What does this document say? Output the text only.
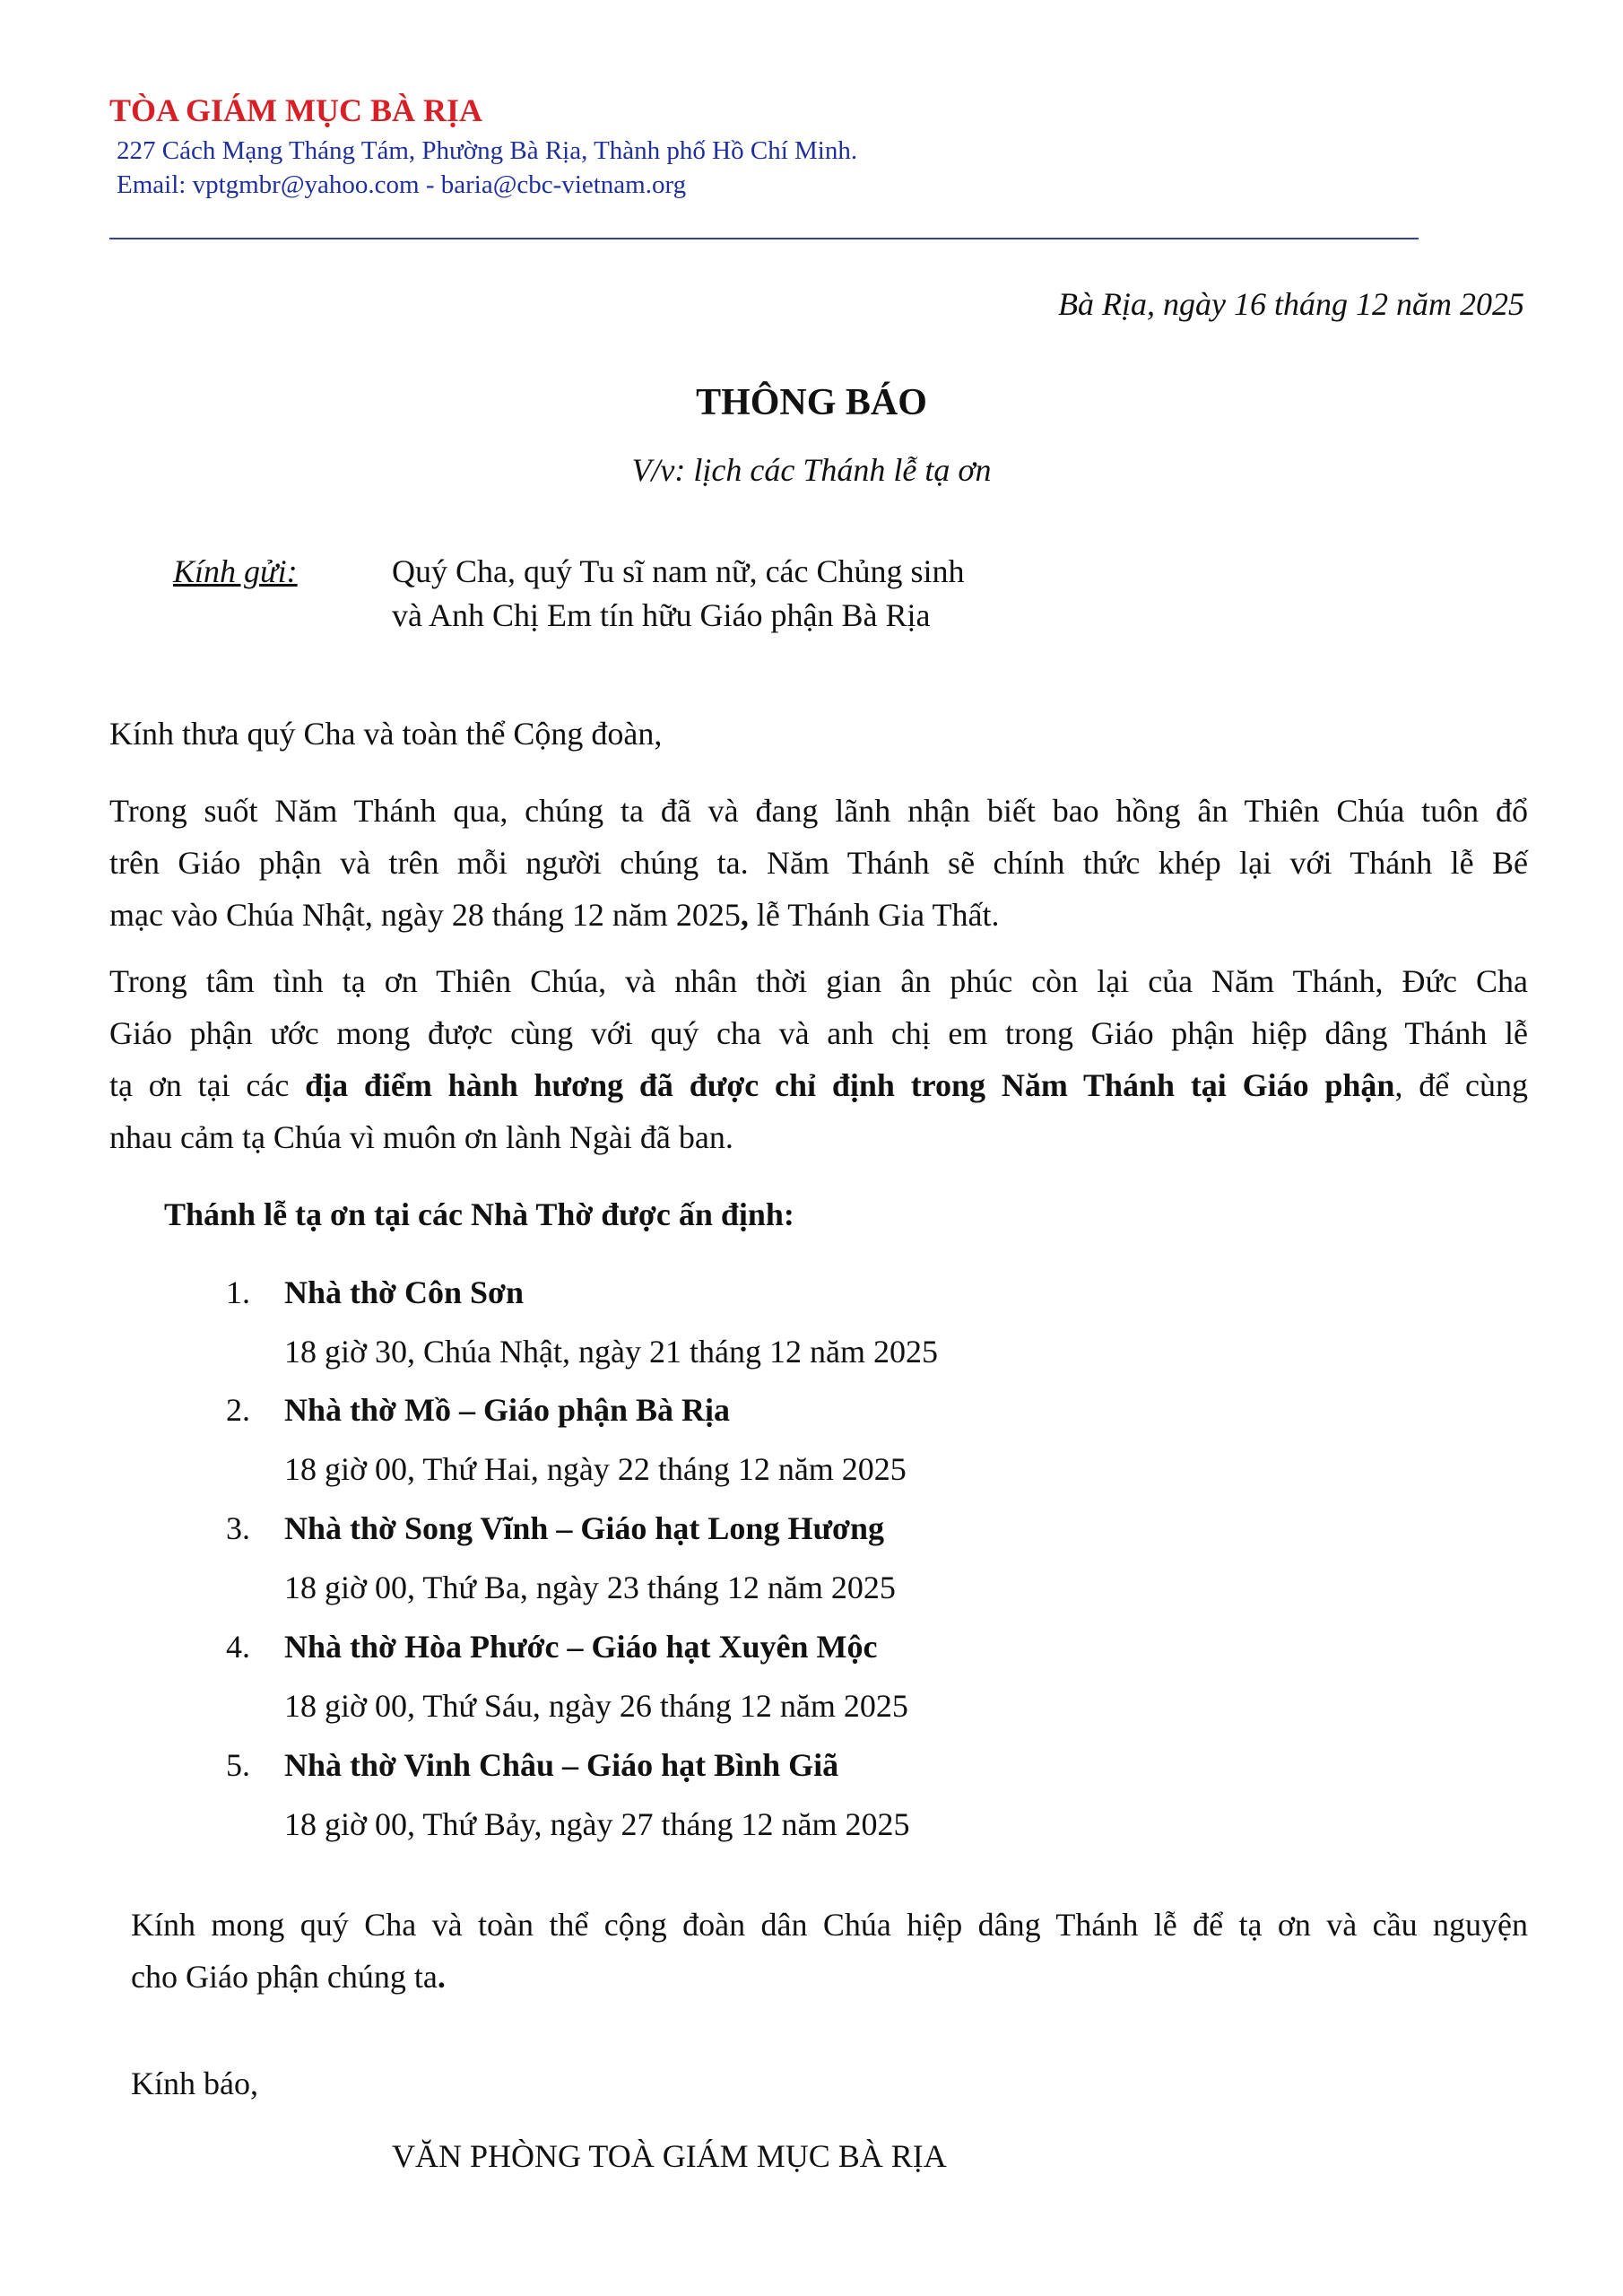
TÒA GIÁM MỤC BÀ RỊA
227 Cách Mạng Tháng Tám, Phường Bà Rịa, Thành phố Hồ Chí Minh.
Email: vptgmbr@yahoo.com - baria@cbc-vietnam.org
Bà Rịa, ngày 16 tháng 12 năm 2025
THÔNG BÁO
V/v: lịch các Thánh lễ tạ ơn
Kính gửi:	Quý Cha, quý Tu sĩ nam nữ, các Chủng sinh
và Anh Chị Em tín hữu Giáo phận Bà Rịa
Kính thưa quý Cha và toàn thể Cộng đoàn,
Trong suốt Năm Thánh qua, chúng ta đã và đang lãnh nhận biết bao hồng ân Thiên Chúa tuôn đổ
trên Giáo phận và trên mỗi người chúng ta. Năm Thánh sẽ chính thức khép lại với Thánh lễ Bế
mạc vào Chúa Nhật, ngày 28 tháng 12 năm 2025, lễ Thánh Gia Thất.
Trong tâm tình tạ ơn Thiên Chúa, và nhân thời gian ân phúc còn lại của Năm Thánh, Đức Cha
Giáo phận ước mong được cùng với quý cha và anh chị em trong Giáo phận hiệp dâng Thánh lễ
tạ ơn tại các địa điểm hành hương đã được chỉ định trong Năm Thánh tại Giáo phận, để cùng
nhau cảm tạ Chúa vì muôn ơn lành Ngài đã ban.
Thánh lễ tạ ơn tại các Nhà Thờ được ấn định:
1. Nhà thờ Côn Sơn
18 giờ 30, Chúa Nhật, ngày 21 tháng 12 năm 2025
2. Nhà thờ Mồ – Giáo phận Bà Rịa
18 giờ 00, Thứ Hai, ngày 22 tháng 12 năm 2025
3. Nhà thờ Song Vĩnh – Giáo hạt Long Hương
18 giờ 00, Thứ Ba, ngày 23 tháng 12 năm 2025
4. Nhà thờ Hòa Phước – Giáo hạt Xuyên Mộc
18 giờ 00, Thứ Sáu, ngày 26 tháng 12 năm 2025
5. Nhà thờ Vinh Châu – Giáo hạt Bình Giã
18 giờ 00, Thứ Bảy, ngày 27 tháng 12 năm 2025
Kính mong quý Cha và toàn thể cộng đoàn dân Chúa hiệp dâng Thánh lễ để tạ ơn và cầu nguyện
cho Giáo phận chúng ta.
Kính báo,
VĂN PHÒNG TOÀ GIÁM MỤC BÀ RỊA
